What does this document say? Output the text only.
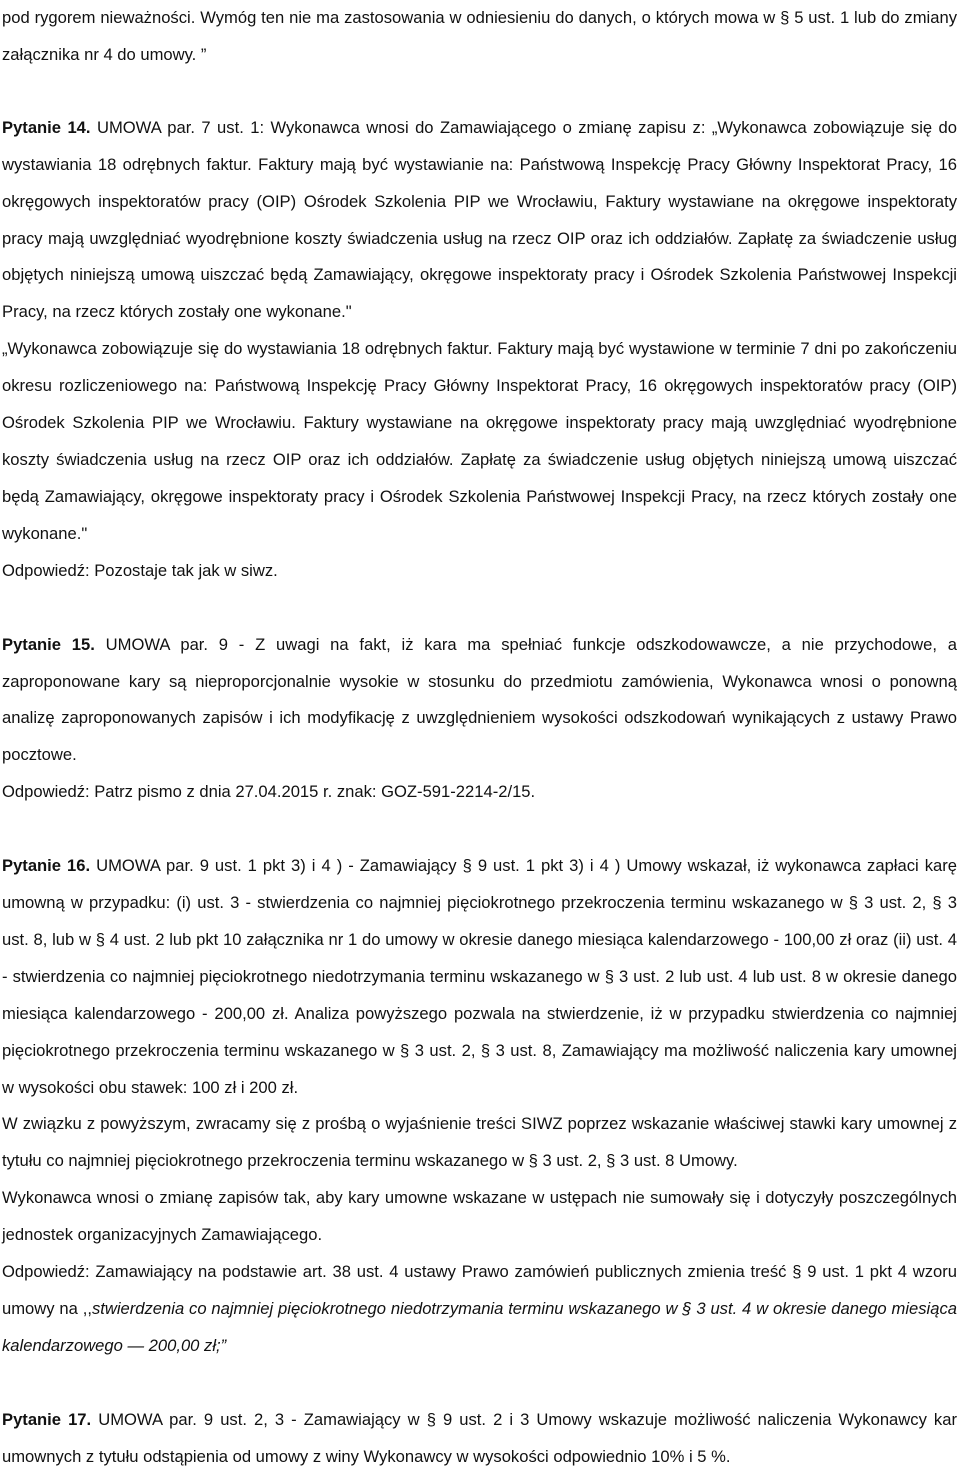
pod rygorem nieważności. Wymóg ten nie ma zastosowania w odniesieniu do danych, o których mowa w § 5 ust. 1 lub do zmiany załącznika nr 4 do umowy. ”

Pytanie 14. UMOWA par. 7 ust. 1: Wykonawca wnosi do Zamawiającego o zmianę zapisu z: „Wykonawca zobowiązuje się do wystawiania 18 odrębnych faktur. Faktury mają być wystawianie na: Państwową Inspekcję Pracy Główny Inspektorat Pracy, 16 okręgowych inspektoratów pracy (OIP) Ośrodek Szkolenia PIP we Wrocławiu, Faktury wystawiane na okręgowe inspektoraty pracy mają uwzględniać wyodrębnione koszty świadczenia usług na rzecz OIP oraz ich oddziałów. Zapłatę za świadczenie usług objętych niniejszą umową uiszczać będą Zamawiający, okręgowe inspektoraty pracy i Ośrodek Szkolenia Państwowej Inspekcji Pracy, na rzecz których zostały one wykonane."

„Wykonawca zobowiązuje się do wystawiania 18 odrębnych faktur. Faktury mają być wystawione w terminie 7 dni po zakończeniu okresu rozliczeniowego na: Państwową Inspekcję Pracy Główny Inspektorat Pracy, 16 okręgowych inspektoratów pracy (OIP) Ośrodek Szkolenia PIP we Wrocławiu. Faktury wystawiane na okręgowe inspektoraty pracy mają uwzględniać wyodrębnione koszty świadczenia usług na rzecz OIP oraz ich oddziałów. Zapłatę za świadczenie usług objętych niniejszą umową uiszczać będą Zamawiający, okręgowe inspektoraty pracy i Ośrodek Szkolenia Państwowej Inspekcji Pracy, na rzecz których zostały one wykonane."

Odpowiedź: Pozostaje tak jak w siwz.

Pytanie 15. UMOWA par. 9 - Z uwagi na fakt, iż kara ma spełniać funkcje odszkodowawcze, a nie przychodowe, a zaproponowane kary są nieproporcjonalnie wysokie w stosunku do przedmiotu zamówienia, Wykonawca wnosi o ponowną analizę zaproponowanych zapisów i ich modyfikację z uwzględnieniem wysokości odszkodowań wynikających z ustawy Prawo pocztowe.

Odpowiedź: Patrz pismo z dnia 27.04.2015 r. znak: GOZ-591-2214-2/15.

Pytanie 16. UMOWA par. 9 ust. 1 pkt 3) i 4 ) - Zamawiający § 9 ust. 1 pkt 3) i 4 ) Umowy wskazał, iż wykonawca zapłaci karę umowną w przypadku: (i) ust. 3 - stwierdzenia co najmniej pięciokrotnego przekroczenia terminu wskazanego w § 3 ust. 2, § 3 ust. 8, lub w § 4 ust. 2 lub pkt 10 załącznika nr 1 do umowy w okresie danego miesiąca kalendarzowego - 100,00 zł oraz (ii) ust. 4 - stwierdzenia co najmniej pięciokrotnego niedotrzymania terminu wskazanego w § 3 ust. 2 lub ust. 4 lub ust. 8 w okresie danego miesiąca kalendarzowego - 200,00 zł. Analiza powyższego pozwala na stwierdzenie, iż w przypadku stwierdzenia co najmniej pięciokrotnego przekroczenia terminu wskazanego w § 3 ust. 2, § 3 ust. 8, Zamawiający ma możliwość naliczenia kary umownej w wysokości obu stawek: 100 zł i 200 zł.

W związku z powyższym, zwracamy się z prośbą o wyjaśnienie treści SIWZ poprzez wskazanie właściwej stawki kary umownej z tytułu co najmniej pięciokrotnego przekroczenia terminu wskazanego w § 3 ust. 2, § 3 ust. 8 Umowy.

Wykonawca wnosi o zmianę zapisów tak, aby kary umowne wskazane w ustępach nie sumowały się i dotyczyły poszczególnych jednostek organizacyjnych Zamawiającego.

Odpowiedź: Zamawiający na podstawie art. 38 ust. 4 ustawy Prawo zamówień publicznych zmienia treść § 9 ust. 1 pkt 4 wzoru umowy na ,,stwierdzenia co najmniej pięciokrotnego niedotrzymania terminu wskazanego w § 3 ust. 4 w okresie danego miesiąca kalendarzowego — 200,00 zł;”

Pytanie 17. UMOWA par. 9 ust. 2, 3 - Zamawiający w § 9 ust. 2 i 3 Umowy wskazuje możliwość naliczenia Wykonawcy kar umownych z tytułu odstąpienia od umowy z winy Wykonawcy w wysokości odpowiednio 10% i 5 %.
